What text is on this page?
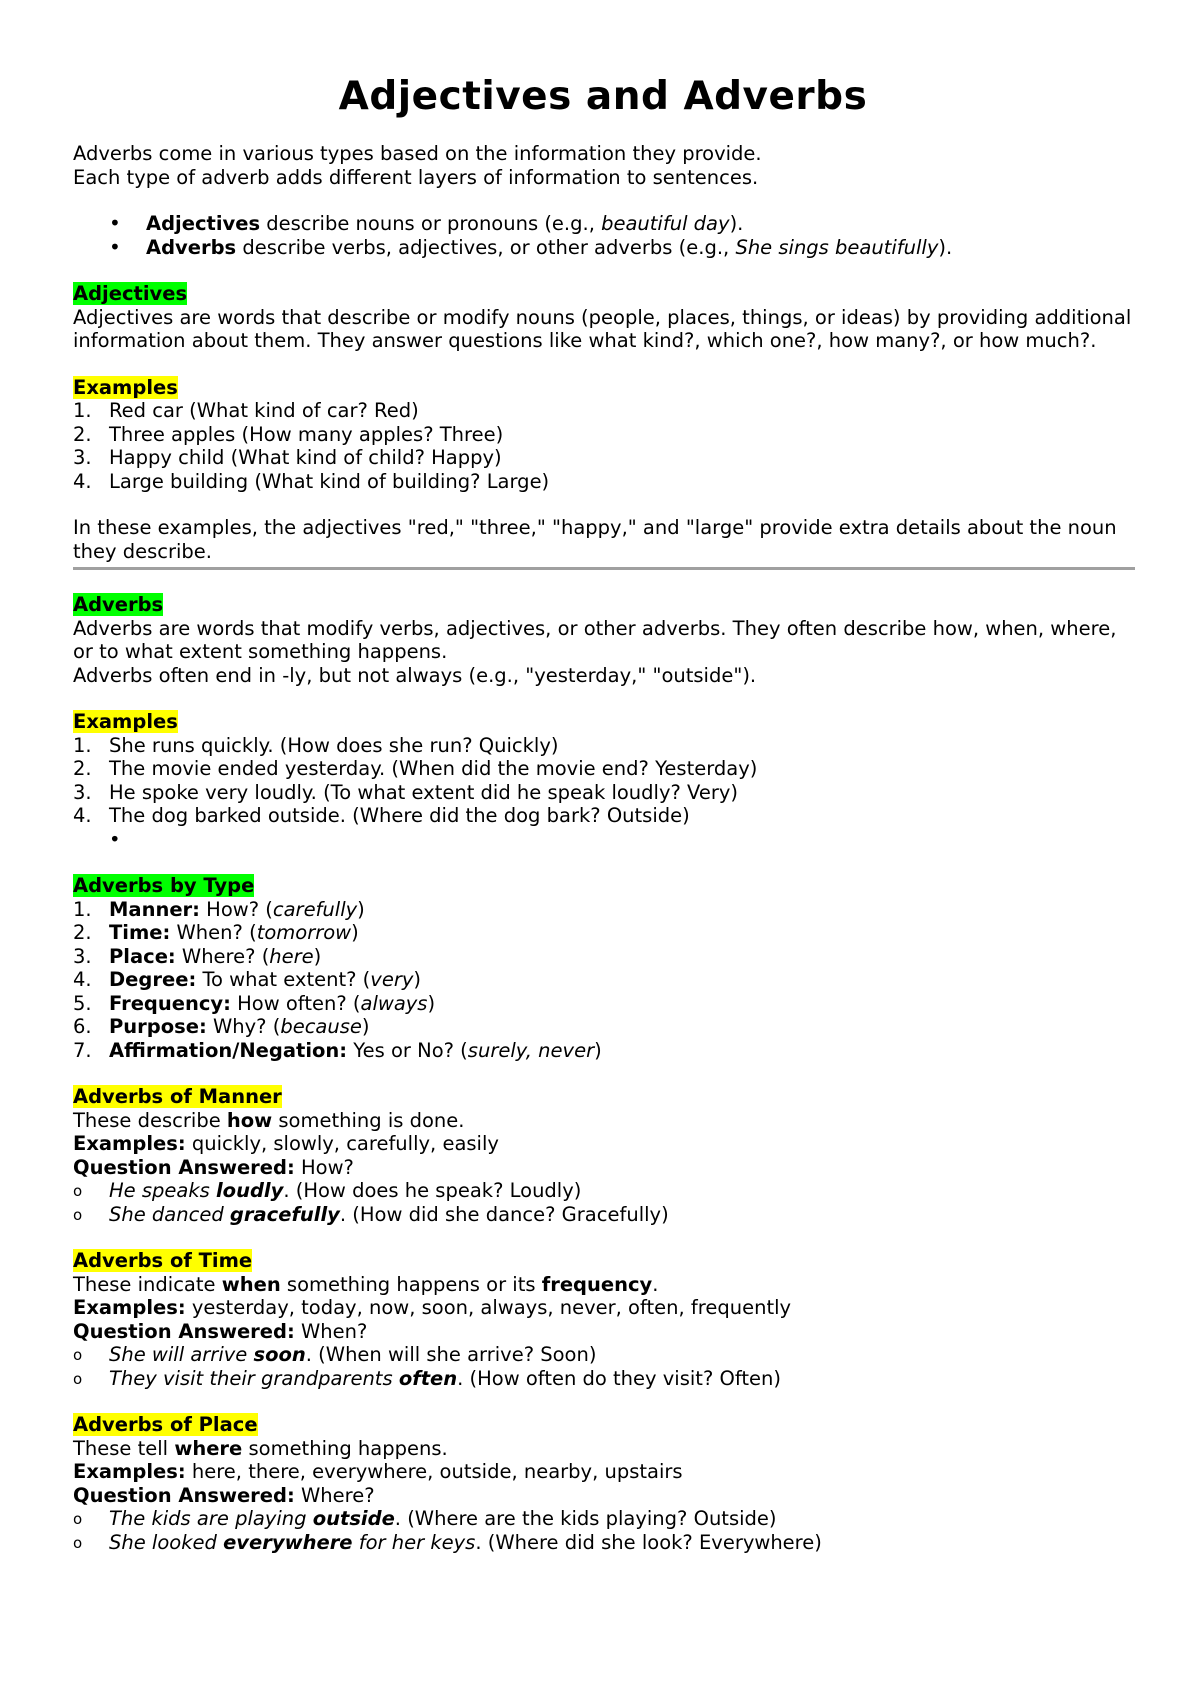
Adjectives and Adverbs

Adverbs come in various types based on the information they provide.

Each type of adverb adds different layers of information to sentences.

• Adjectives describe nouns or pronouns (e.g., beautiful day).
• Adverbs describe verbs, adjectives, or other adverbs (e.g., She sings beautifully).

Adjectives

Adjectives are words that describe or modify nouns (people, places, things, or ideas) by providing additional information about them. They answer questions like what kind?, which one?, how many?, or how much?.

Examples

1. Red car (What kind of car? Red)
2. Three apples (How many apples? Three)
3. Happy child (What kind of child? Happy)
4. Large building (What kind of building? Large)

In these examples, the adjectives "red," "three," "happy," and "large" provide extra details about the noun they describe.

Adverbs

Adverbs are words that modify verbs, adjectives, or other adverbs. They often describe how, when, where, or to what extent something happens.

Adverbs often end in -ly, but not always (e.g., "yesterday," "outside").

Examples

1. She runs quickly. (How does she run? Quickly)
2. The movie ended yesterday. (When did the movie end? Yesterday)
3. He spoke very loudly. (To what extent did he speak loudly? Very)
4. The dog barked outside. (Where did the dog bark? Outside)
•

Adverbs by Type

1. Manner: How? (carefully)
2. Time: When? (tomorrow)
3. Place: Where? (here)
4. Degree: To what extent? (very)
5. Frequency: How often? (always)
6. Purpose: Why? (because)
7. Affirmation/Negation: Yes or No? (surely, never)

Adverbs of Manner

These describe how something is done.

Examples: quickly, slowly, carefully, easily

Question Answered: How?

o He speaks loudly. (How does he speak? Loudly)
o She danced gracefully. (How did she dance? Gracefully)

Adverbs of Time

These indicate when something happens or its frequency.

Examples: yesterday, today, now, soon, always, never, often, frequently

Question Answered: When?

o She will arrive soon. (When will she arrive? Soon)
o They visit their grandparents often. (How often do they visit? Often)

Adverbs of Place

These tell where something happens.

Examples: here, there, everywhere, outside, nearby, upstairs

Question Answered: Where?

o The kids are playing outside. (Where are the kids playing? Outside)
o She looked everywhere for her keys. (Where did she look? Everywhere)
